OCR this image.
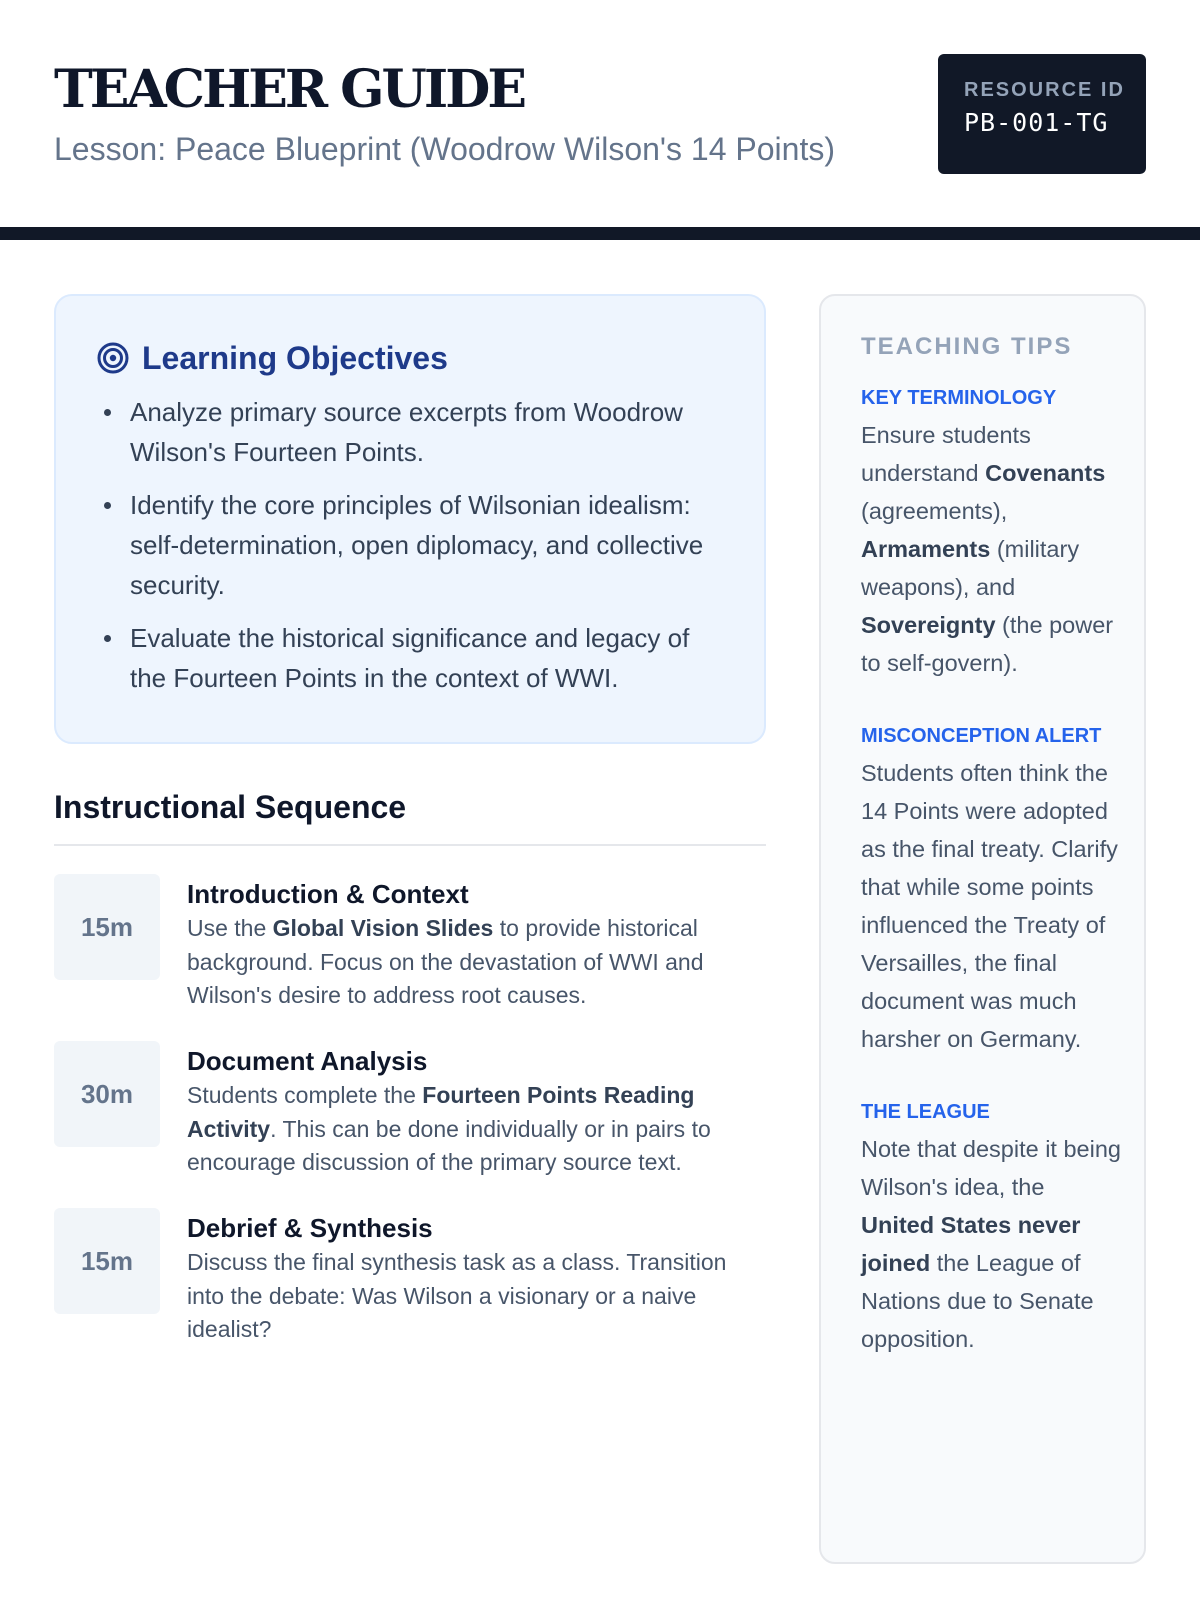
TEACHER GUIDE
Lesson: Peace Blueprint (Woodrow Wilson's 14 Points)
RESOURCE ID
PB-001-TG
Learning Objectives
Analyze primary source excerpts from Woodrow Wilson's Fourteen Points.
Identify the core principles of Wilsonian idealism: self-determination, open diplomacy, and collective security.
Evaluate the historical significance and legacy of the Fourteen Points in the context of WWI.
Instructional Sequence
15m
Introduction & Context
Use the Global Vision Slides to provide historical background. Focus on the devastation of WWI and Wilson's desire to address root causes.
30m
Document Analysis
Students complete the Fourteen Points Reading Activity. This can be done individually or in pairs to encourage discussion of the primary source text.
15m
Debrief & Synthesis
Discuss the final synthesis task as a class. Transition into the debate: Was Wilson a visionary or a naive idealist?
TEACHING TIPS
KEY TERMINOLOGY
Ensure students understand Covenants (agreements), Armaments (military weapons), and Sovereignty (the power to self-govern).
MISCONCEPTION ALERT
Students often think the 14 Points were adopted as the final treaty. Clarify that while some points influenced the Treaty of Versailles, the final document was much harsher on Germany.
THE LEAGUE
Note that despite it being Wilson's idea, the United States never joined the League of Nations due to Senate opposition.
